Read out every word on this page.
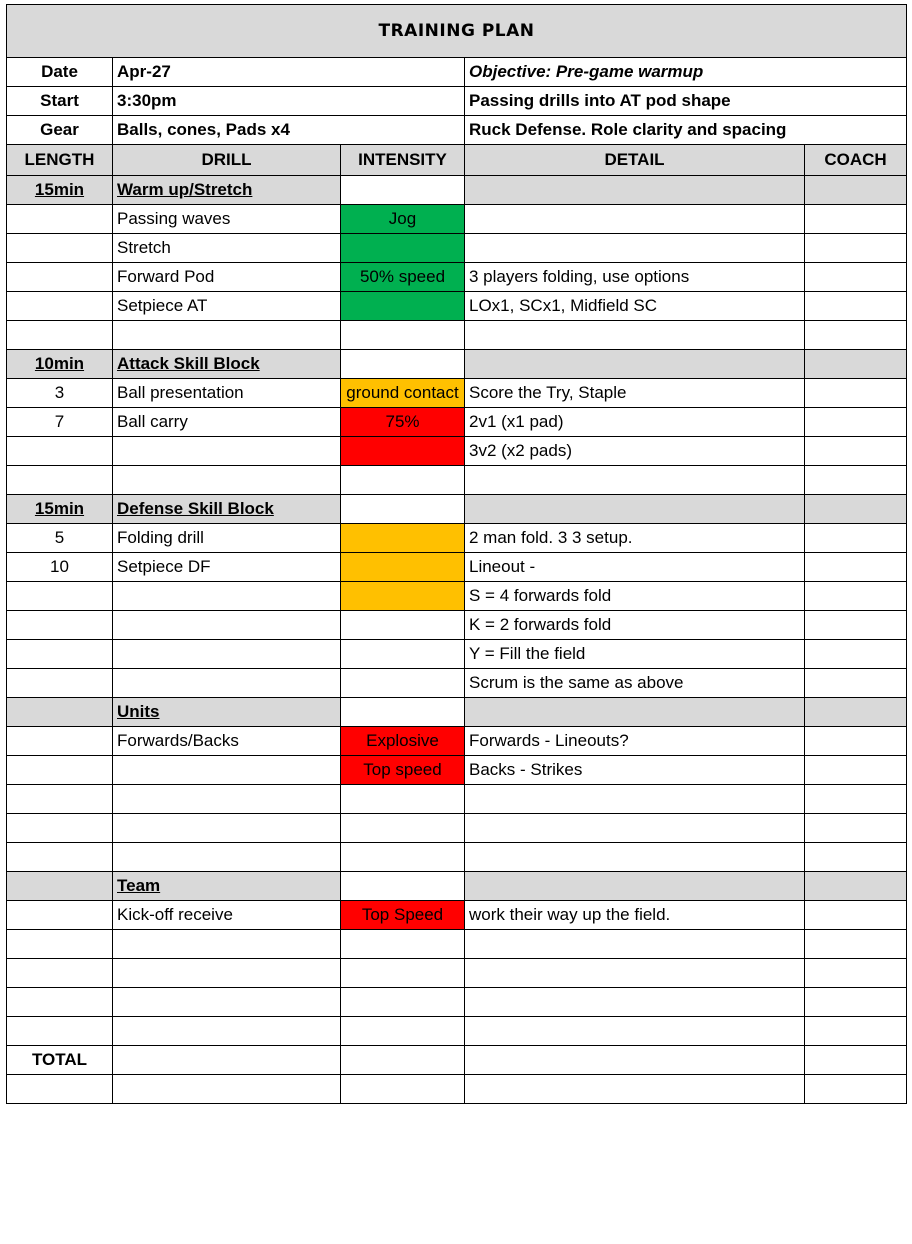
TRAINING PLAN				
Date	Apr-27		Objective: Pre-game warmup	
Start	3:30pm		Passing drills into AT pod shape	
Gear	Balls, cones, Pads x4		Ruck Defense. Role clarity and spacing	
LENGTH	DRILL	INTENSITY	DETAIL	COACH
15min	Warm up/Stretch			
	Passing waves	Jog		
	Stretch			
	Forward Pod	50% speed	3 players folding, use options	
	Setpiece AT		LOx1, SCx1, Midfield SC	

10min	Attack Skill Block			
3	Ball presentation	ground contact	Score the Try, Staple	
7	Ball carry	75%	2v1 (x1 pad)	
			3v2 (x2 pads)	

15min	Defense Skill Block			
5	Folding drill		2 man fold. 3 3 setup.	
10	Setpiece DF		Lineout -	
			S = 4 forwards fold	
			K = 2 forwards fold	
			Y = Fill the field	
			Scrum is the same as above	
	Units			
	Forwards/Backs	Explosive	Forwards - Lineouts?	
		Top speed	Backs - Strikes	

	Team			
	Kick-off receive	Top Speed	work their way up the field.	

TOTAL				
